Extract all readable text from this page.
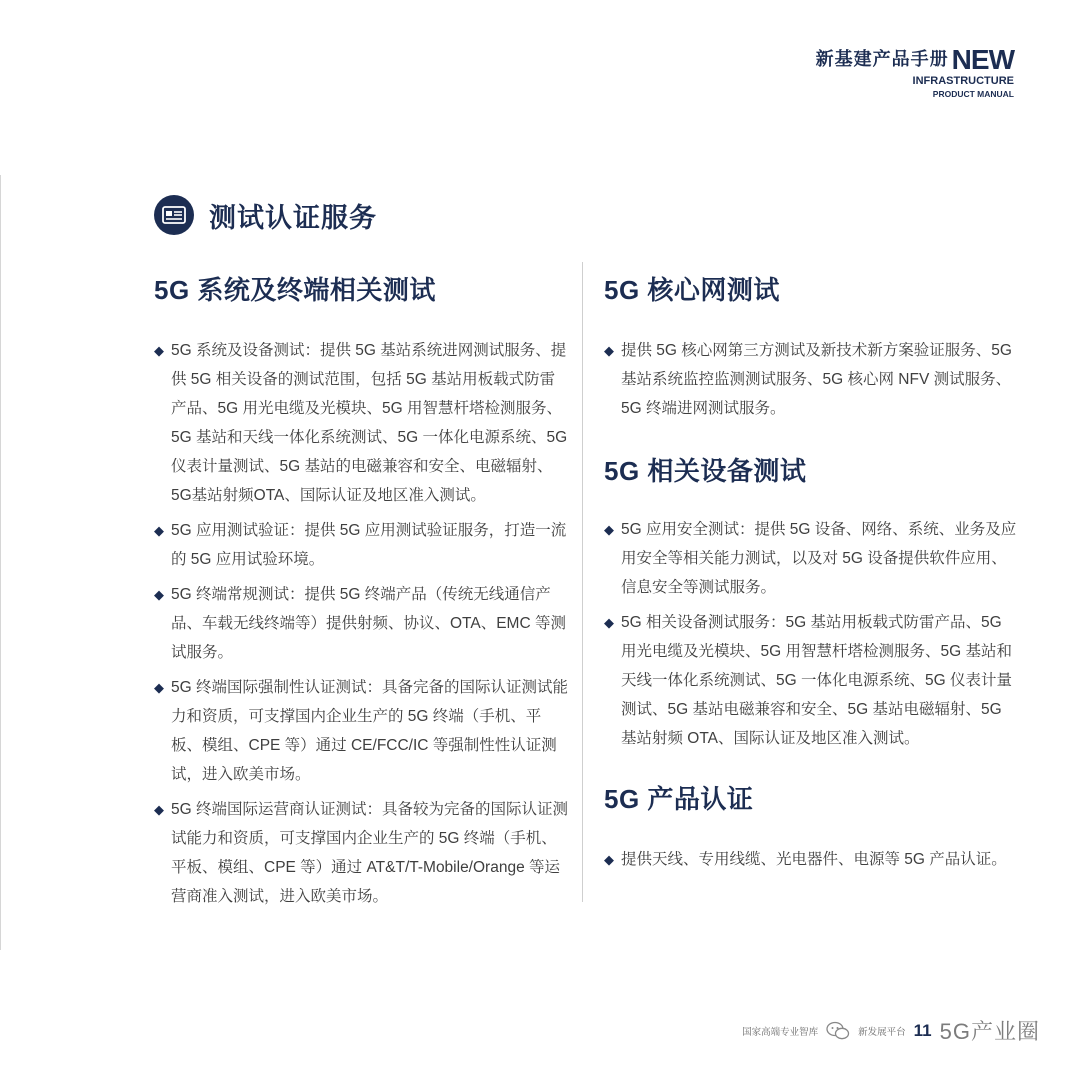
新基建产品手册 NEW
INFRASTRUCTURE
PRODUCT MANUAL
测试认证服务
5G 系统及终端相关测试
◆ 5G 系统及设备测试：提供 5G 基站系统进网测试服务、提供 5G 相关设备的测试范围，包括 5G 基站用板载式防雷产品、5G 用光电缆及光模块、5G 用智慧杆塔检测服务、5G 基站和天线一体化系统测试、5G 一体化电源系统、5G 仪表计量测试、5G 基站的电磁兼容和安全、电磁辐射、5G基站射频OTA、国际认证及地区准入测试。
◆ 5G 应用测试验证：提供 5G 应用测试验证服务，打造一流的 5G 应用试验环境。
◆ 5G 终端常规测试：提供 5G 终端产品（传统无线通信产品、车载无线终端等）提供射频、协议、OTA、EMC 等测试服务。
◆ 5G 终端国际强制性认证测试：具备完备的国际认证测试能力和资质，可支撑国内企业生产的 5G 终端（手机、平板、模组、CPE 等）通过 CE/FCC/IC 等强制性性认证测试，进入欧美市场。
◆ 5G 终端国际运营商认证测试：具备较为完备的国际认证测试能力和资质，可支撑国内企业生产的 5G 终端（手机、平板、模组、CPE 等）通过 AT&T/T-Mobile/Orange 等运营商准入测试，进入欧美市场。
5G 核心网测试
◆ 提供 5G 核心网第三方测试及新技术新方案验证服务、5G 基站系统监控监测测试服务、5G 核心网 NFV 测试服务、5G 终端进网测试服务。
5G 相关设备测试
◆ 5G 应用安全测试：提供 5G 设备、网络、系统、业务及应用安全等相关能力测试，以及对 5G 设备提供软件应用、信息安全等测试服务。
◆ 5G 相关设备测试服务：5G 基站用板载式防雷产品、5G 用光电缆及光模块、5G 用智慧杆塔检测服务、5G 基站和天线一体化系统测试、5G 一体化电源系统、5G 仪表计量测试、5G 基站电磁兼容和安全、5G 基站电磁辐射、5G 基站射频 OTA、国际认证及地区准入测试。
5G 产品认证
◆ 提供天线、专用线缆、光电器件、电源等 5G 产品认证。
国家高端专业智库	新发展平台 11 5G产业圈
